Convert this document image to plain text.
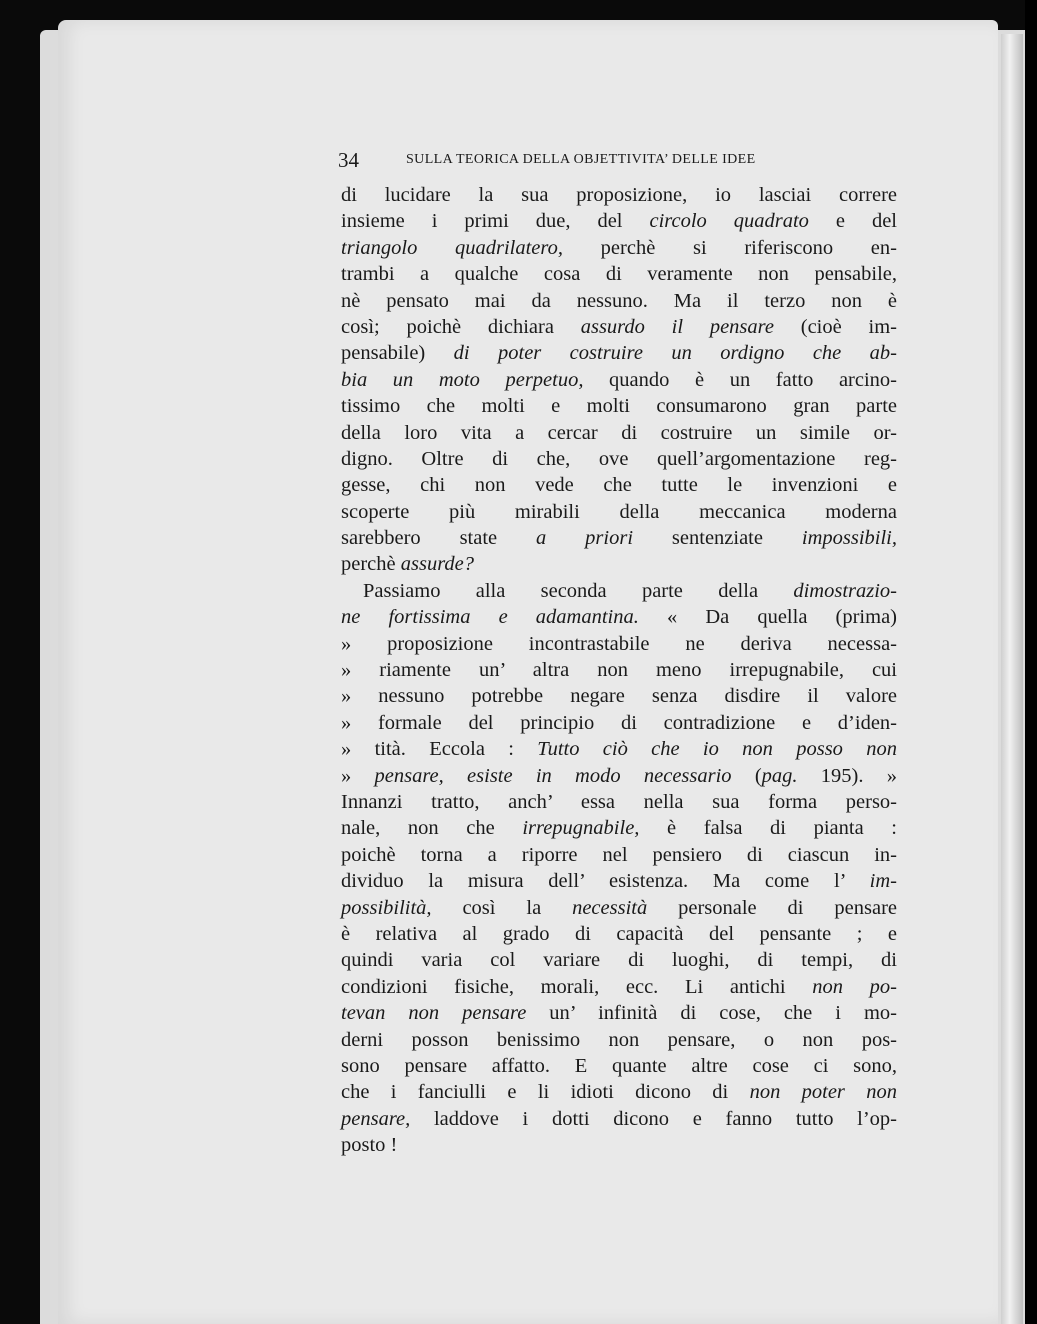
34	SULLA TEORICA DELLA OBJETTIVITA’ DELLE IDEE
di lucidare la sua proposizione, io lasciai correre
insieme i primi due, del circolo quadrato e del
triangolo quadrilatero, perchè si riferiscono en-
trambi a qualche cosa di veramente non pensabile,
nè pensato mai da nessuno. Ma il terzo non è
così; poichè dichiara assurdo il pensare (cioè im-
pensabile) di poter costruire un ordigno che ab-
bia un moto perpetuo, quando è un fatto arcino-
tissimo che molti e molti consumarono gran parte
della loro vita a cercar di costruire un simile or-
digno. Oltre di che, ove quell’argomentazione reg-
gesse, chi non vede che tutte le invenzioni e
scoperte più mirabili della meccanica moderna
sarebbero state a priori sentenziate impossibili,
perchè assurde?
Passiamo alla seconda parte della dimostrazio-
ne fortissima e adamantina. « Da quella (prima)
» proposizione incontrastabile ne deriva necessa-
» riamente un’ altra non meno irrepugnabile, cui
» nessuno potrebbe negare senza disdire il valore
» formale del principio di contradizione e d’iden-
» tità. Eccola : Tutto ciò che io non posso non
» pensare, esiste in modo necessario (pag. 195). »
Innanzi tratto, anch’ essa nella sua forma perso-
nale, non che irrepugnabile, è falsa di pianta :
poichè torna a riporre nel pensiero di ciascun in-
dividuo la misura dell’ esistenza. Ma come l’ im-
possibilità, così la necessità personale di pensare
è relativa al grado di capacità del pensante ; e
quindi varia col variare di luoghi, di tempi, di
condizioni fisiche, morali, ecc. Li antichi non po-
tevan non pensare un’ infinità di cose, che i mo-
derni posson benissimo non pensare, o non pos-
sono pensare affatto. E quante altre cose ci sono,
che i fanciulli e li idioti dicono di non poter non
pensare, laddove i dotti dicono e fanno tutto l’op-
posto !
